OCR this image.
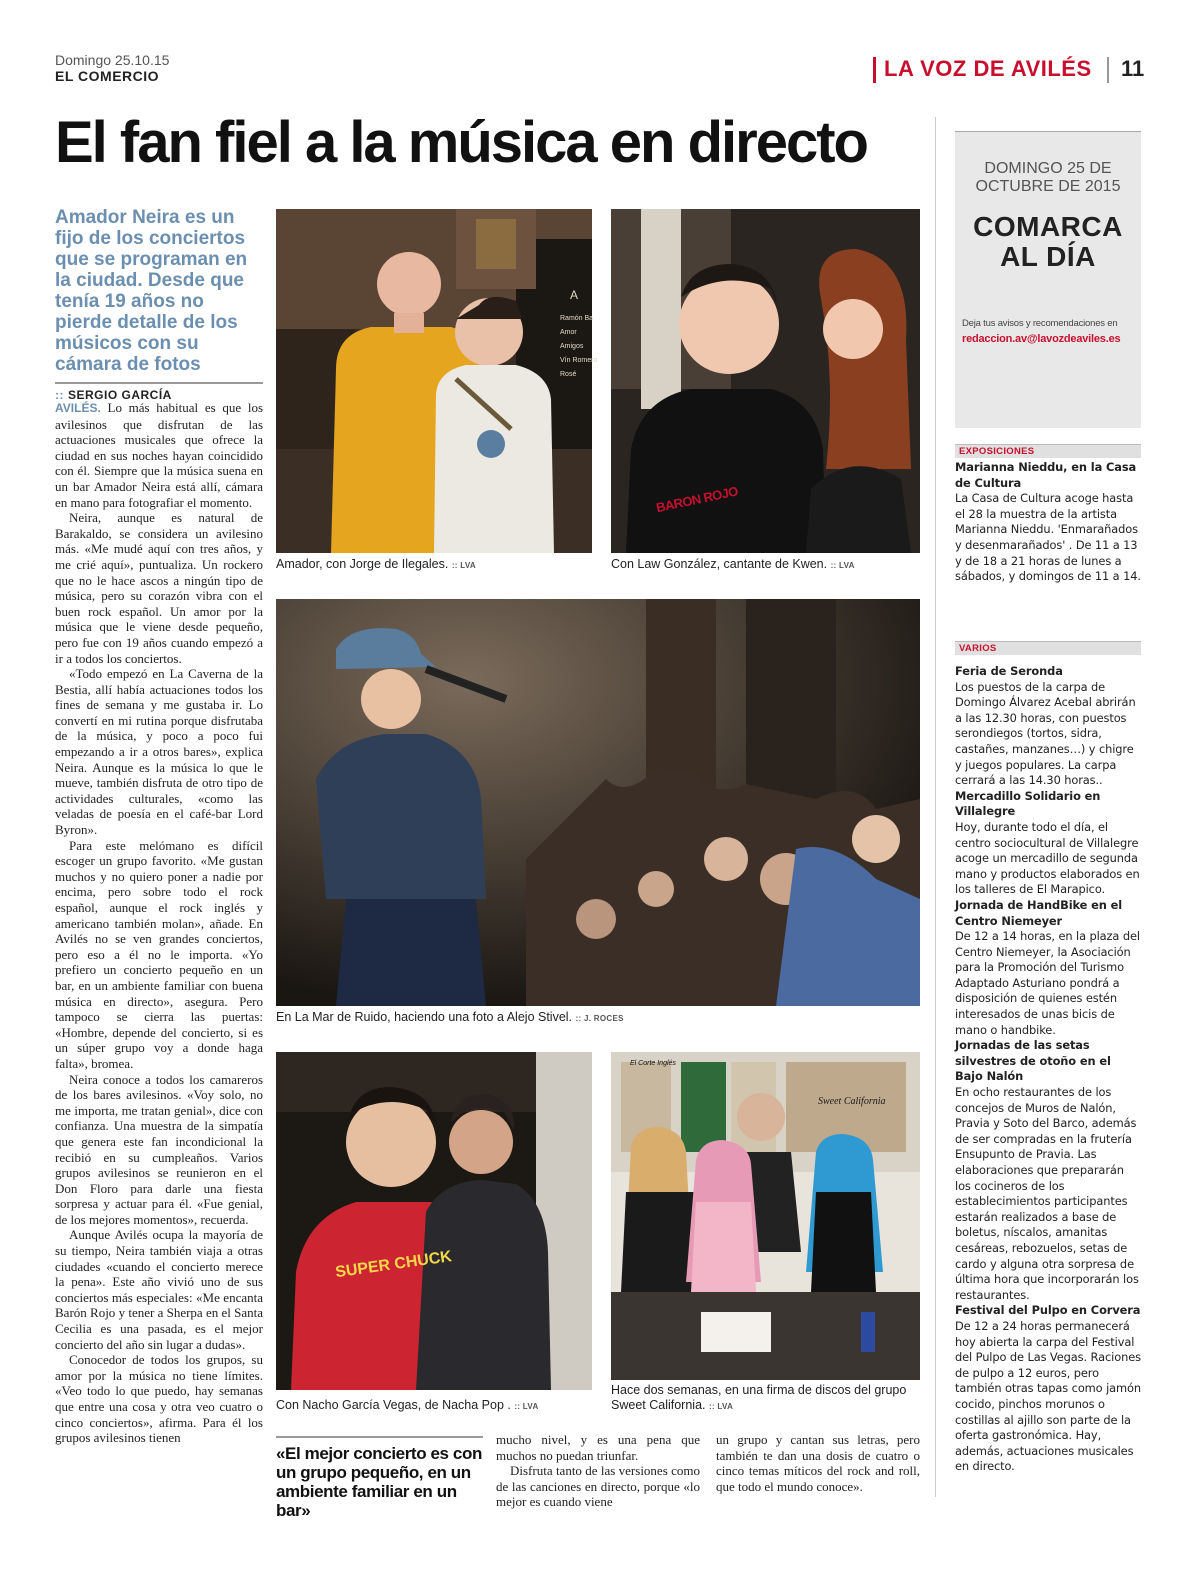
Domingo 25.10.15
EL COMERCIO	LA VOZ DE AVILÉS 11
El fan fiel a la música en directo
Amador Neira es un fijo de los conciertos que se programan en la ciudad. Desde que tenía 19 años no pierde detalle de los músicos con su cámara de fotos
:: SERGIO GARCÍA

AVILÉS. Lo más habitual es que los avilesinos que disfrutan de las actuaciones musicales que ofrece la ciudad en sus noches hayan coincidido con él. Siempre que la música suena en un bar Amador Neira está allí, cámara en mano para fotografiar el momento.

Neira, aunque es natural de Barakaldo, se considera un avilesino más. «Me mudé aquí con tres años, y me crié aquí», puntualiza. Un rockero que no le hace ascos a ningún tipo de música, pero su corazón vibra con el buen rock español. Un amor por la música que le viene desde pequeño, pero fue con 19 años cuando empezó a ir a todos los conciertos.

«Todo empezó en La Caverna de la Bestia, allí había actuaciones todos los fines de semana y me gustaba ir. Lo convertí en mi rutina porque disfrutaba de la música, y poco a poco fui empezando a ir a otros bares», explica Neira. Aunque es la música lo que le mueve, también disfruta de otro tipo de actividades culturales, «como las veladas de poesía en el café-bar Lord Byron».

Para este melómano es difícil escoger un grupo favorito. «Me gustan muchos y no quiero poner a nadie por encima, pero sobre todo el rock español, aunque el rock inglés y americano también molan», añade. En Avilés no se ven grandes conciertos, pero eso a él no le importa. «Yo prefiero un concierto pequeño en un bar, en un ambiente familiar con buena música en directo», asegura. Pero tampoco se cierra las puertas: «Hombre, depende del concierto, si es un súper grupo voy a donde haga falta», bromea.

Neira conoce a todos los camareros de los bares avilesinos. «Voy solo, no me importa, me tratan genial», dice con confianza. Una muestra de la simpatía que genera este fan incondicional la recibió en su cumpleaños. Varios grupos avilesinos se reunieron en el Don Floro para darle una fiesta sorpresa y actuar para él. «Fue genial, de los mejores momentos», recuerda.

Aunque Avilés ocupa la mayoría de su tiempo, Neira también viaja a otras ciudades «cuando el concierto merece la pena». Este año vivió uno de sus conciertos más especiales: «Me encanta Barón Rojo y tener a Sherpa en el Santa Cecilia es una pasada, es el mejor concierto del año sin lugar a dudas».

Conocedor de todos los grupos, su amor por la música no tiene límites. «Veo todo lo que puedo, hay semanas que entre una cosa y otra veo cuatro o cinco conciertos», afirma. Para él los grupos avilesinos tienen

Amador, con Jorge de Ilegales. :: LVA
A
Ramón Ba
Amor
Amigos
Vín Romero
Rosé
BARON ROJO
Con Law González, cantante de Kwen. :: LVA
En La Mar de Ruido, haciendo una foto a Alejo Stivel. :: J. ROCES
SUPER CHUCK
Con Nacho García Vegas, de Nacha Pop . :: LVA
El Corte Inglés
Sweet California
Hace dos semanas, en una firma de discos del grupo Sweet California. :: LVA
«El mejor concierto es con un grupo pequeño, en un ambiente familiar en un bar»

mucho nivel, y es una pena que muchos no puedan triunfar.

Disfruta tanto de las versiones como de las canciones en directo, porque «lo mejor es cuando viene

un grupo y cantan sus letras, pero también te dan una dosis de cuatro o cinco temas míticos del rock and roll, que todo el mundo conoce».

DOMINGO 25 DE OCTUBRE DE 2015
COMARCA AL DÍA
Deja tus avisos y recomendaciones en
redaccion.av@lavozdeaviles.es
EXPOSICIONES
Marianna Nieddu, en la Casa de Cultura
La Casa de Cultura acoge hasta el 28 la muestra de la artista Marianna Nieddu. 'Enmarañados y desenmarañados' . De 11 a 13 y de 18 a 21 horas de lunes a sábados, y domingos de 11 a 14.
VARIOS
Feria de Seronda
Los puestos de la carpa de Domingo Álvarez Acebal abrirán a las 12.30 horas, con puestos serondiegos (tortos, sidra, castañes, manzanes…) y chigre y juegos populares. La carpa cerrará a las 14.30 horas..
Mercadillo Solidario en Villalegre
Hoy, durante todo el día, el centro sociocultural de Villalegre acoge un mercadillo de segunda mano y productos elaborados en los talleres de El Marapico.
Jornada de HandBike en el Centro Niemeyer
De 12 a 14 horas, en la plaza del Centro Niemeyer, la Asociación para la Promoción del Turismo Adaptado Asturiano pondrá a disposición de quienes estén interesados de unas bicis de mano o handbike.
Jornadas de las setas silvestres de otoño en el Bajo Nalón
En ocho restaurantes de los concejos de Muros de Nalón, Pravia y Soto del Barco, además de ser compradas en la frutería Ensupunto de Pravia. Las elaboraciones que prepararán los cocineros de los establecimientos participantes estarán realizados a base de boletus, níscalos, amanitas cesáreas, rebozuelos, setas de cardo y alguna otra sorpresa de última hora que incorporarán los restaurantes.
Festival del Pulpo en Corvera
De 12 a 24 horas permanecerá hoy abierta la carpa del Festival del Pulpo de Las Vegas. Raciones de pulpo a 12 euros, pero también otras tapas como jamón cocido, pinchos morunos o costillas al ajillo son parte de la oferta gastronómica. Hay, además, actuaciones musicales en directo.
